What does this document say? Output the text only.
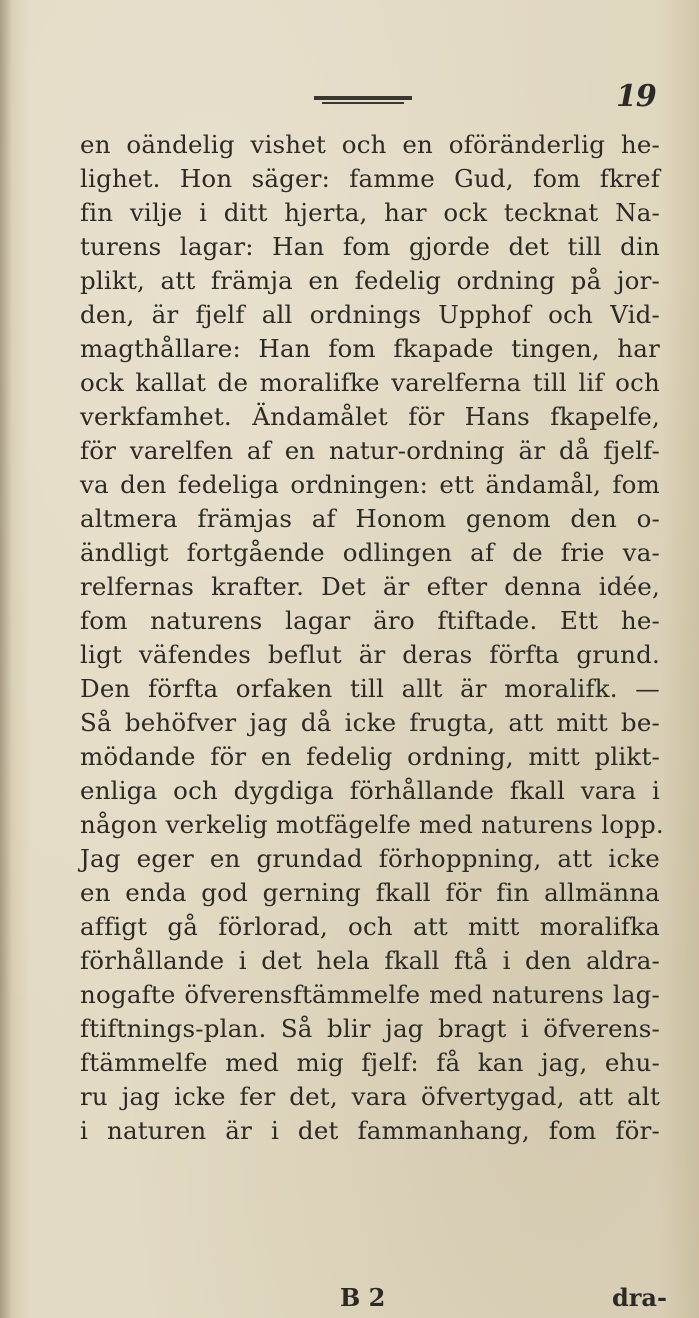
19
en oändelig vishet och en oföränderlig he-
lighet. Hon säger: famme Gud, fom fkref
fin vilje i ditt hjerta, har ock tecknat Na-
turens lagar: Han fom gjorde det till din
plikt, att främja en fedelig ordning på jor-
den, är fjelf all ordnings Upphof och Vid-
magthållare: Han fom fkapade tingen, har
ock kallat de moralifke varelferna till lif och
verkfamhet. Ändamålet för Hans fkapelfe,
för varelfen af en natur-ordning är då fjelf-
va den fedeliga ordningen: ett ändamål, fom
altmera främjas af Honom genom den o-
ändligt fortgående odlingen af de frie va-
relfernas krafter. Det är efter denna idée,
fom naturens lagar äro ftiftade. Ett he-
ligt väfendes beflut är deras förfta grund.
Den förfta orfaken till allt är moralifk. —
Så behöfver jag då icke frugta, att mitt be-
mödande för en fedelig ordning, mitt plikt-
enliga och dygdiga förhållande fkall vara i
någon verkelig motfägelfe med naturens lopp.
Jag eger en grundad förhoppning, att icke
en enda god gerning fkall för fin allmänna
affigt gå förlorad, och att mitt moralifka
förhållande i det hela fkall ftå i den aldra-
nogafte öfverensftämmelfe med naturens lag-
ftiftnings-plan. Så blir jag bragt i öfverens-
ftämmelfe med mig fjelf: få kan jag, ehu-
ru jag icke fer det, vara öfvertygad, att alt
i naturen är i det fammanhang, fom för-
B 2	dra-
